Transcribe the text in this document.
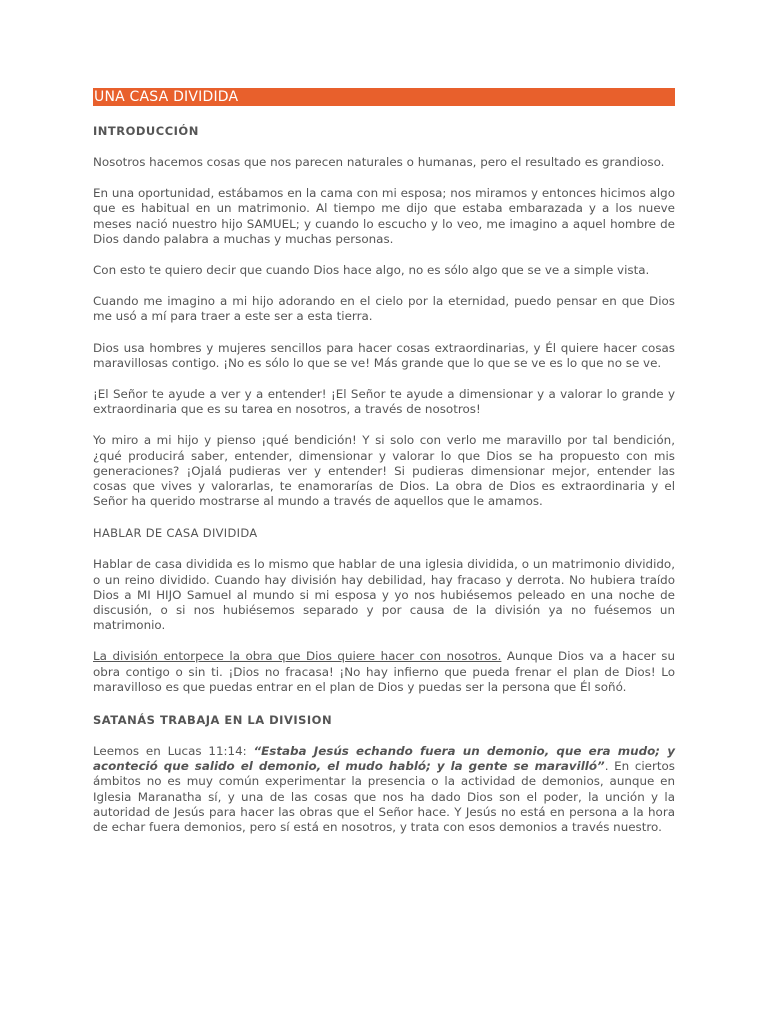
UNA CASA DIVIDIDA
INTRODUCCIÓN

Nosotros hacemos cosas que nos parecen naturales o humanas, pero el resultado es grandioso.

En una oportunidad, estábamos en la cama con mi esposa; nos miramos y entonces hicimos algo que es habitual en un matrimonio. Al tiempo me dijo que estaba embarazada y a los nueve meses nació nuestro hijo SAMUEL; y cuando lo escucho y lo veo, me imagino a aquel hombre de Dios dando palabra a muchas y muchas personas.

Con esto te quiero decir que cuando Dios hace algo, no es sólo algo que se ve a simple vista.

Cuando me imagino a mi hijo adorando en el cielo por la eternidad, puedo pensar en que Dios me usó a mí para traer a este ser a esta tierra.

Dios usa hombres y mujeres sencillos para hacer cosas extraordinarias, y Él quiere hacer cosas maravillosas contigo. ¡No es sólo lo que se ve! Más grande que lo que se ve es lo que no se ve.

¡El Señor te ayude a ver y a entender! ¡El Señor te ayude a dimensionar y a valorar lo grande y extraordinaria que es su tarea en nosotros, a través de nosotros!

Yo miro a mi hijo y pienso ¡qué bendición! Y si solo con verlo me maravillo por tal bendición, ¿qué producirá saber, entender, dimensionar y valorar lo que Dios se ha propuesto con mis generaciones? ¡Ojalá pudieras ver y entender! Si pudieras dimensionar mejor, entender las cosas que vives y valorarlas, te enamorarías de Dios. La obra de Dios es extraordinaria y el Señor ha querido mostrarse al mundo a través de aquellos que le amamos.

HABLAR DE CASA DIVIDIDA

Hablar de casa dividida es lo mismo que hablar de una iglesia dividida, o un matrimonio dividido, o un reino dividido. Cuando hay división hay debilidad, hay fracaso y derrota. No hubiera traído Dios a MI HIJO Samuel al mundo si mi esposa y yo nos hubiésemos peleado en una noche de discusión, o si nos hubiésemos separado y por causa de la división ya no fuésemos un matrimonio.

La división entorpece la obra que Dios quiere hacer con nosotros. Aunque Dios va a hacer su obra contigo o sin ti. ¡Dios no fracasa! ¡No hay infierno que pueda frenar el plan de Dios! Lo maravilloso es que puedas entrar en el plan de Dios y puedas ser la persona que Él soñó.

SATANÁS TRABAJA EN LA DIVISION

Leemos en Lucas 11:14: “Estaba Jesús echando fuera un demonio, que era mudo; y aconteció que salido el demonio, el mudo habló; y la gente se maravilló”. En ciertos ámbitos no es muy común experimentar la presencia o la actividad de demonios, aunque en Iglesia Maranatha sí, y una de las cosas que nos ha dado Dios son el poder, la unción y la autoridad de Jesús para hacer las obras que el Señor hace. Y Jesús no está en persona a la hora de echar fuera demonios, pero sí está en nosotros, y trata con esos demonios a través nuestro.
